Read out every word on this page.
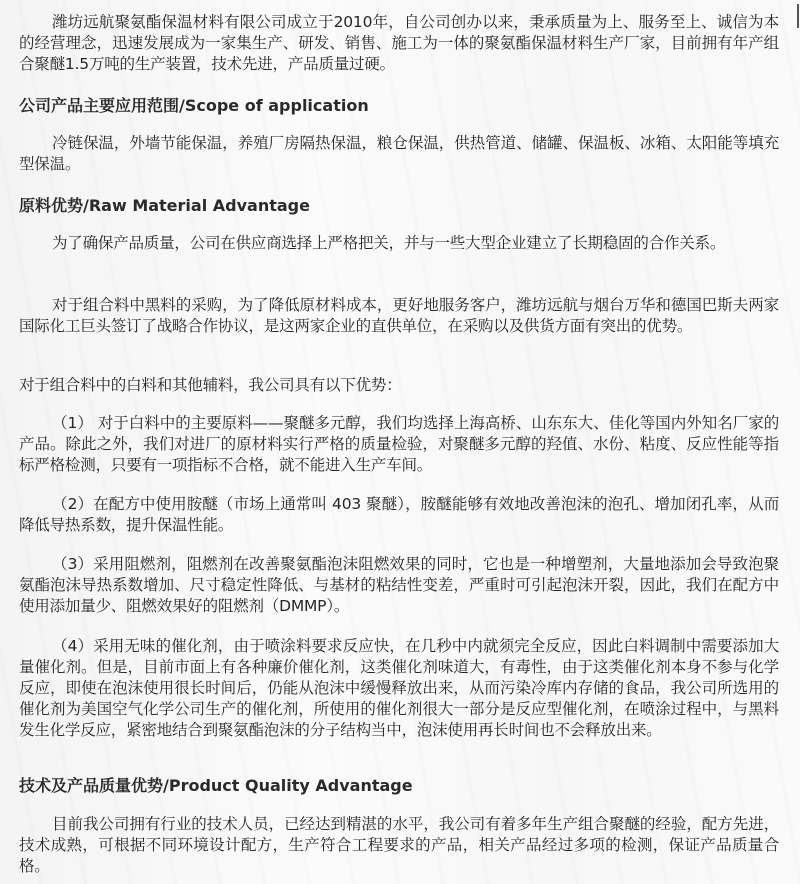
潍坊远航聚氨酯保温材料有限公司成立于2010年，自公司创办以来，秉承质量为上、服务至上、诚信为本的经营理念，迅速发展成为一家集生产、研发、销售、施工为一体的聚氨酯保温材料生产厂家，目前拥有年产组合聚醚1.5万吨的生产装置，技术先进，产品质量过硬。

公司产品主要应用范围/Scope of application

冷链保温，外墙节能保温，养殖厂房隔热保温，粮仓保温，供热管道、储罐、保温板、冰箱、太阳能等填充型保温。

原料优势/Raw Material Advantage

为了确保产品质量，公司在供应商选择上严格把关，并与一些大型企业建立了长期稳固的合作关系。

对于组合料中黑料的采购，为了降低原材料成本，更好地服务客户，潍坊远航与烟台万华和德国巴斯夫两家国际化工巨头签订了战略合作协议，是这两家企业的直供单位，在采购以及供货方面有突出的优势。

对于组合料中的白料和其他辅料，我公司具有以下优势：

（1） 对于白料中的主要原料——聚醚多元醇，我们均选择上海高桥、山东东大、佳化等国内外知名厂家的产品。除此之外，我们对进厂的原材料实行严格的质量检验，对聚醚多元醇的羟值、水份、粘度、反应性能等指标严格检测，只要有一项指标不合格，就不能进入生产车间。

（2）在配方中使用胺醚（市场上通常叫 403 聚醚），胺醚能够有效地改善泡沫的泡孔、增加闭孔率，从而降低导热系数，提升保温性能。

（3）采用阻燃剂，阻燃剂在改善聚氨酯泡沫阻燃效果的同时，它也是一种增塑剂，大量地添加会导致泡聚氨酯泡沫导热系数增加、尺寸稳定性降低、与基材的粘结性变差，严重时可引起泡沫开裂，因此，我们在配方中使用添加量少、阻燃效果好的阻燃剂（DMMP）。

（4）采用无味的催化剂，由于喷涂料要求反应快，在几秒中内就须完全反应，因此白料调制中需要添加大量催化剂。但是，目前市面上有各种廉价催化剂，这类催化剂味道大，有毒性，由于这类催化剂本身不参与化学反应，即使在泡沫使用很长时间后，仍能从泡沫中缓慢释放出来，从而污染冷库内存储的食品，我公司所选用的催化剂为美国空气化学公司生产的催化剂，所使用的催化剂很大一部分是反应型催化剂，在喷涂过程中，与黑料发生化学反应，紧密地结合到聚氨酯泡沫的分子结构当中，泡沫使用再长时间也不会释放出来。

技术及产品质量优势/Product Quality Advantage

目前我公司拥有行业的技术人员，已经达到精湛的水平，我公司有着多年生产组合聚醚的经验，配方先进，技术成熟，可根据不同环境设计配方，生产符合工程要求的产品，相关产品经过多项的检测，保证产品质量合格。
